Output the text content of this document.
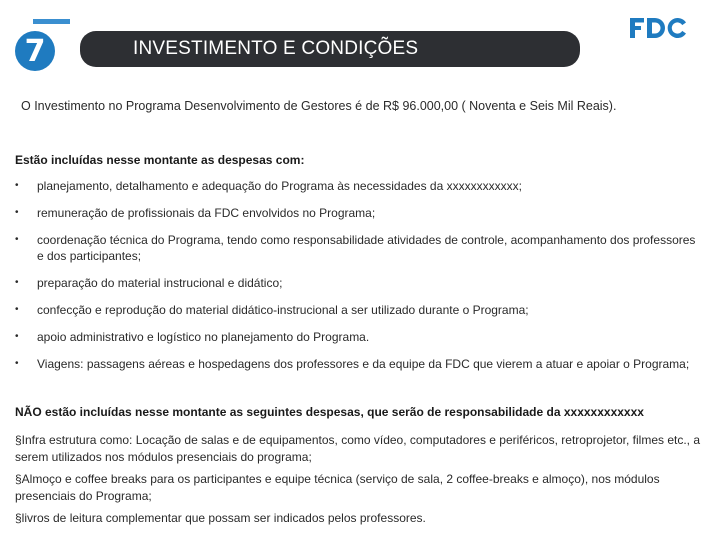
7	INVESTIMENTO E CONDIÇÕES
O Investimento no Programa Desenvolvimento de Gestores é de R$ 96.000,00 ( Noventa e Seis Mil Reais).
Estão incluídas nesse montante as despesas com:
• planejamento, detalhamento e adequação do Programa às necessidades da xxxxxxxxxxxx;
• remuneração de profissionais da FDC envolvidos no Programa;
• coordenação técnica do Programa, tendo como responsabilidade atividades de controle, acompanhamento dos professores e dos participantes;
• preparação do material instrucional e didático;
• confecção e reprodução do material didático-instrucional a ser utilizado durante o Programa;
• apoio administrativo e logístico no planejamento do Programa.
• Viagens: passagens aéreas e hospedagens dos professores e da equipe da FDC que vierem a atuar e apoiar o Programa;
NÃO estão incluídas nesse montante as seguintes despesas, que serão de responsabilidade da xxxxxxxxxxxx

§Infra estrutura como: Locação de salas e de equipamentos, como vídeo, computadores e periféricos, retroprojetor, filmes etc., a serem utilizados nos módulos presenciais do programa;

§Almoço e coffee breaks para os participantes e equipe técnica (serviço de sala, 2 coffee-breaks e almoço), nos módulos presenciais do Programa;

§livros de leitura complementar que possam ser indicados pelos professores.
